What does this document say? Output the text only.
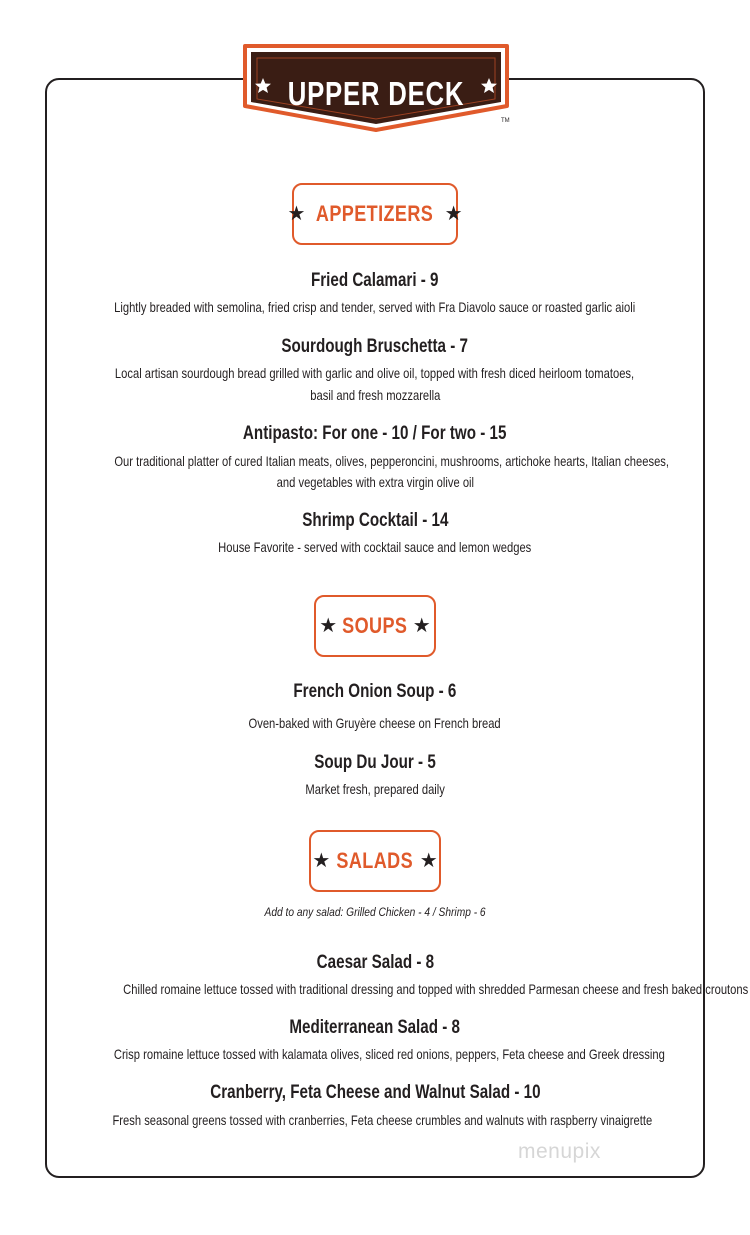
UPPER DECK
TM
★ APPETIZERS ★
Fried Calamari - 9
Lightly breaded with semolina, fried crisp and tender, served with Fra Diavolo sauce or roasted garlic aioli
Sourdough Bruschetta - 7
Local artisan sourdough bread grilled with garlic and olive oil, topped with fresh diced heirloom tomatoes,
basil and fresh mozzarella
Antipasto: For one - 10 / For two - 15
Our traditional platter of cured Italian meats, olives, pepperoncini, mushrooms, artichoke hearts, Italian cheeses,
and vegetables with extra virgin olive oil
Shrimp Cocktail - 14
House Favorite - served with cocktail sauce and lemon wedges
★ SOUPS ★
French Onion Soup - 6
Oven-baked with Gruyère cheese on French bread
Soup Du Jour - 5
Market fresh, prepared daily
★ SALADS ★
Add to any salad: Grilled Chicken - 4 / Shrimp - 6
Caesar Salad - 8
Chilled romaine lettuce tossed with traditional dressing and topped with shredded Parmesan cheese and fresh baked croutons
Mediterranean Salad - 8
Crisp romaine lettuce tossed with kalamata olives, sliced red onions, peppers, Feta cheese and Greek dressing
Cranberry, Feta Cheese and Walnut Salad - 10
Fresh seasonal greens tossed with cranberries, Feta cheese crumbles and walnuts with raspberry vinaigrette
menupix
